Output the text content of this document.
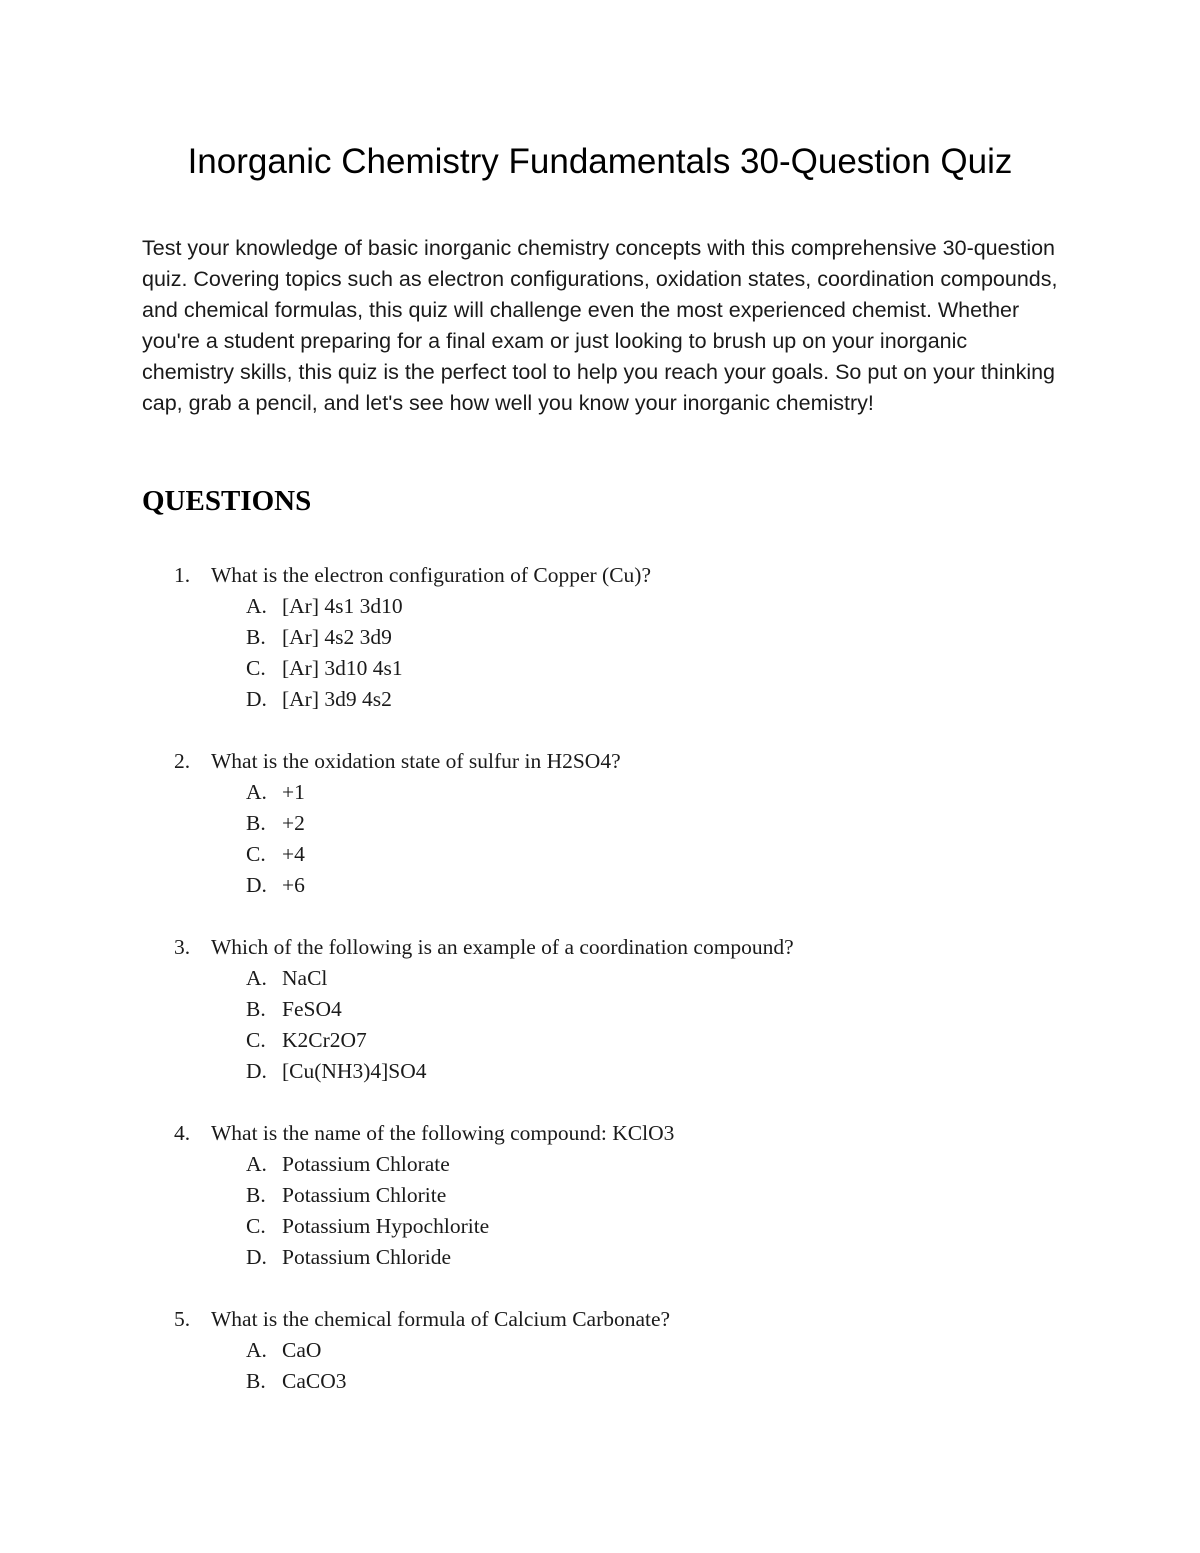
Inorganic Chemistry Fundamentals 30-Question Quiz

Test your knowledge of basic inorganic chemistry concepts with this comprehensive 30-question quiz. Covering topics such as electron configurations, oxidation states, coordination compounds, and chemical formulas, this quiz will challenge even the most experienced chemist. Whether you're a student preparing for a final exam or just looking to brush up on your inorganic chemistry skills, this quiz is the perfect tool to help you reach your goals. So put on your thinking cap, grab a pencil, and let's see how well you know your inorganic chemistry!

QUESTIONS
1. What is the electron configuration of Copper (Cu)?
A. [Ar] 4s1 3d10
B. [Ar] 4s2 3d9
C. [Ar] 3d10 4s1
D. [Ar] 3d9 4s2
2. What is the oxidation state of sulfur in H2SO4?
A. +1
B. +2
C. +4
D. +6
3. Which of the following is an example of a coordination compound?
A. NaCl
B. FeSO4
C. K2Cr2O7
D. [Cu(NH3)4]SO4
4. What is the name of the following compound: KClO3
A. Potassium Chlorate
B. Potassium Chlorite
C. Potassium Hypochlorite
D. Potassium Chloride
5. What is the chemical formula of Calcium Carbonate?
A. CaO
B. CaCO3
